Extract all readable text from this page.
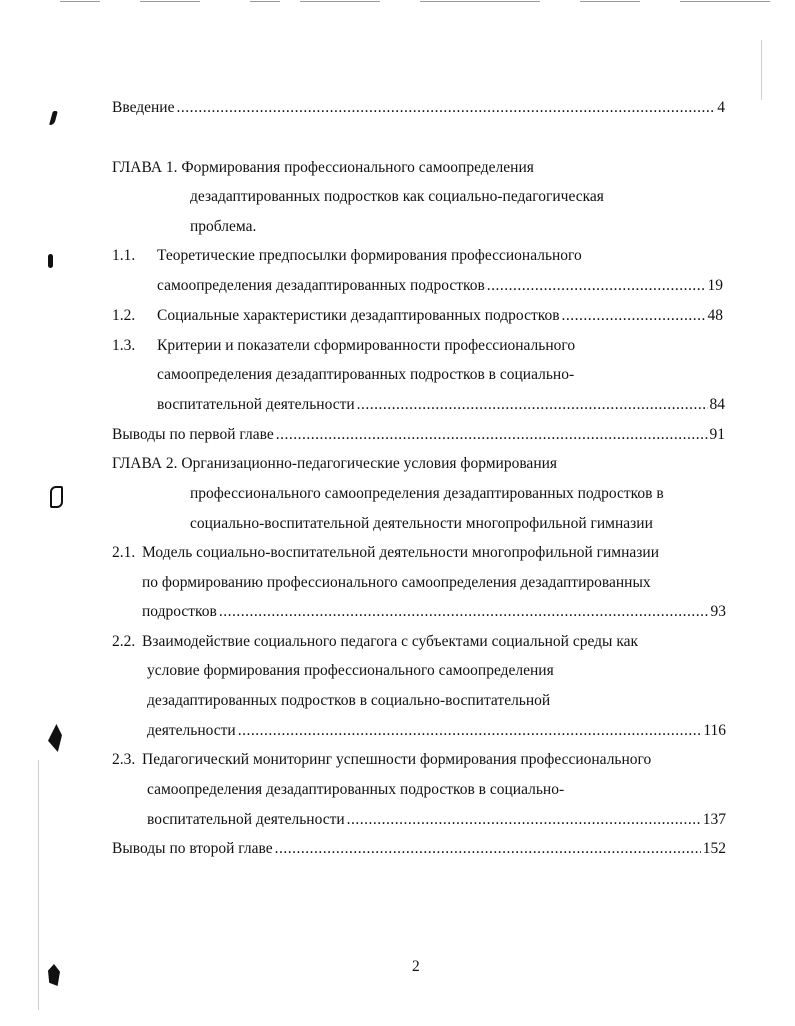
Введение .....	4
ГЛАВА 1. Формирования профессионального самоопределения
дезадаптированных подростков как социально-педагогическая
проблема.
1.1. Теоретические предпосылки формирования профессионального
самоопределения дезадаптированных подростков .....	19
1.2. Социальные характеристики дезадаптированных подростков .....	48
1.3. Критерии и показатели сформированности профессионального
самоопределения дезадаптированных подростков в социально-
воспитательной деятельности .....	84
Выводы по первой главе .....	91
ГЛАВА 2. Организационно-педагогические условия формирования
профессионального самоопределения дезадаптированных подростков в
социально-воспитательной деятельности многопрофильной гимназии
2.1. Модель социально-воспитательной деятельности многопрофильной гимназии
по формированию профессионального самоопределения дезадаптированных
подростков .....	93
2.2. Взаимодействие социального педагога с субъектами социальной среды как
условие формирования профессионального самоопределения
дезадаптированных подростков в социально-воспитательной
деятельности .....	116
2.3. Педагогический мониторинг успешности формирования профессионального
самоопределения дезадаптированных подростков в социально-
воспитательной деятельности .....	137
Выводы по второй главе .....	152
2
